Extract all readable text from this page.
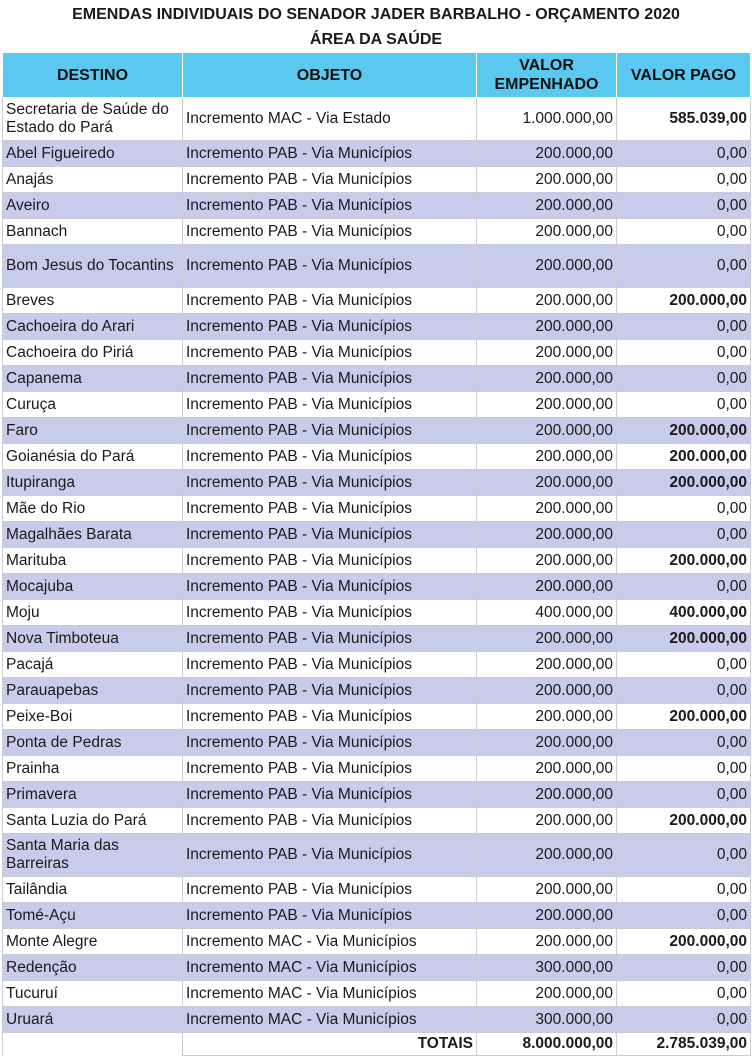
EMENDAS INDIVIDUAIS DO SENADOR JADER BARBALHO - ORÇAMENTO 2020
ÁREA DA SAÚDE
DESTINO	OBJETO	VALOR EMPENHADO	VALOR PAGO
Secretaria de Saúde do Estado do Pará	Incremento MAC - Via Estado	1.000.000,00	585.039,00
Abel Figueiredo	Incremento PAB - Via Municípios	200.000,00	0,00
Anajás	Incremento PAB - Via Municípios	200.000,00	0,00
Aveiro	Incremento PAB - Via Municípios	200.000,00	0,00
Bannach	Incremento PAB - Via Municípios	200.000,00	0,00
Bom Jesus do Tocantins	Incremento PAB - Via Municípios	200.000,00	0,00
Breves	Incremento PAB - Via Municípios	200.000,00	200.000,00
Cachoeira do Arari	Incremento PAB - Via Municípios	200.000,00	0,00
Cachoeira do Piriá	Incremento PAB - Via Municípios	200.000,00	0,00
Capanema	Incremento PAB - Via Municípios	200.000,00	0,00
Curuça	Incremento PAB - Via Municípios	200.000,00	0,00
Faro	Incremento PAB - Via Municípios	200.000,00	200.000,00
Goianésia do Pará	Incremento PAB - Via Municípios	200.000,00	200.000,00
Itupiranga	Incremento PAB - Via Municípios	200.000,00	200.000,00
Mãe do Rio	Incremento PAB - Via Municípios	200.000,00	0,00
Magalhães Barata	Incremento PAB - Via Municípios	200.000,00	0,00
Marituba	Incremento PAB - Via Municípios	200.000,00	200.000,00
Mocajuba	Incremento PAB - Via Municípios	200.000,00	0,00
Moju	Incremento PAB - Via Municípios	400.000,00	400.000,00
Nova Timboteua	Incremento PAB - Via Municípios	200.000,00	200.000,00
Pacajá	Incremento PAB - Via Municípios	200.000,00	0,00
Parauapebas	Incremento PAB - Via Municípios	200.000,00	0,00
Peixe-Boi	Incremento PAB - Via Municípios	200.000,00	200.000,00
Ponta de Pedras	Incremento PAB - Via Municípios	200.000,00	0,00
Prainha	Incremento PAB - Via Municípios	200.000,00	0,00
Primavera	Incremento PAB - Via Municípios	200.000,00	0,00
Santa Luzia do Pará	Incremento PAB - Via Municípios	200.000,00	200.000,00
Santa Maria das Barreiras	Incremento PAB - Via Municípios	200.000,00	0,00
Tailândia	Incremento PAB - Via Municípios	200.000,00	0,00
Tomé-Açu	Incremento PAB - Via Municípios	200.000,00	0,00
Monte Alegre	Incremento MAC - Via Municípios	200.000,00	200.000,00
Redenção	Incremento MAC - Via Municípios	300.000,00	0,00
Tucuruí	Incremento MAC - Via Municípios	200.000,00	0,00
Uruará	Incremento MAC - Via Municípios	300.000,00	0,00
	TOTAIS	8.000.000,00	2.785.039,00
